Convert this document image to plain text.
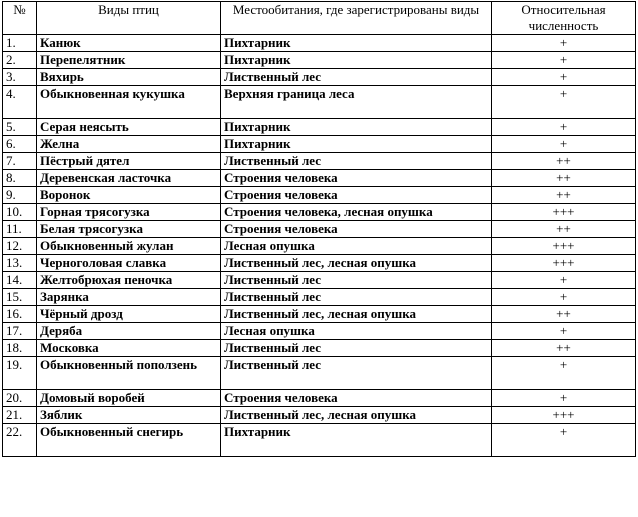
№	Виды птиц	Местообитания, где зарегистрированы виды	Относительная численность
1.	Канюк	Пихтарник	+
2.	Перепелятник	Пихтарник	+
3.	Вяхирь	Лиственный лес	+
4.	Обыкновенная кукушка	Верхняя граница леса	+
5.	Серая неясыть	Пихтарник	+
6.	Желна	Пихтарник	+
7.	Пёстрый дятел	Лиственный лес	++
8.	Деревенская ласточка	Строения человека	++
9.	Воронок	Строения человека	++
10.	Горная трясогузка	Строения человека, лесная опушка	+++
11.	Белая трясогузка	Строения человека	++
12.	Обыкновенный жулан	Лесная опушка	+++
13.	Черноголовая славка	Лиственный лес, лесная опушка	+++
14.	Желтобрюхая пеночка	Лиственный лес	+
15.	Зарянка	Лиственный лес	+
16.	Чёрный дрозд	Лиственный лес, лесная опушка	++
17.	Деряба	Лесная опушка	+
18.	Московка	Лиственный лес	++
19.	Обыкновенный поползень	Лиственный лес	+
20.	Домовый воробей	Строения человека	+
21.	Зяблик	Лиственный лес, лесная опушка	+++
22.	Обыкновенный снегирь	Пихтарник	+
